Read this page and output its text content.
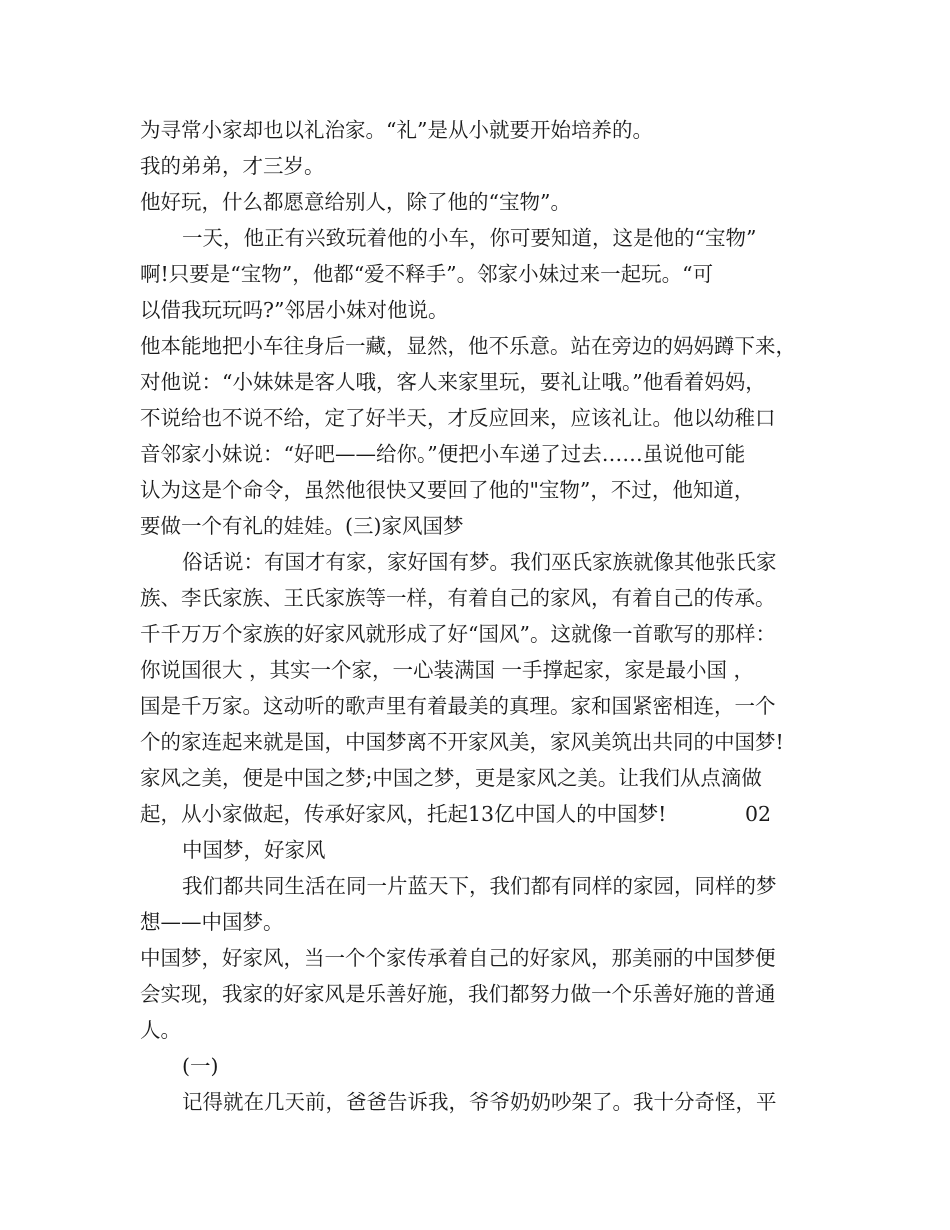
为寻常小家却也以礼治家。“礼”是从小就要开始培养的。
我的弟弟，才三岁。
他好玩，什么都愿意给别人，除了他的“宝物”。
一天，他正有兴致玩着他的小车，你可要知道，这是他的“宝物”
啊!只要是“宝物”，他都“爱不释手”。邻家小妹过来一起玩。“可
以借我玩玩吗?”邻居小妹对他说。
他本能地把小车往身后一藏，显然，他不乐意。站在旁边的妈妈蹲下来，
对他说：“小妹妹是客人哦，客人来家里玩，要礼让哦。”他看着妈妈，
不说给也不说不给，定了好半天，才反应回来，应该礼让。他以幼稚口
音邻家小妹说：“好吧——给你。”便把小车递了过去……虽说他可能
认为这是个命令，虽然他很快又要回了他的"宝物”，不过，他知道，
要做一个有礼的娃娃。(三)家风国梦
俗话说：有国才有家，家好国有梦。我们巫氏家族就像其他张氏家
族、李氏家族、王氏家族等一样，有着自己的家风，有着自己的传承。
千千万万个家族的好家风就形成了好“国风”。这就像一首歌写的那样：
你说国很大 ，其实一个家，一心装满国 一手撑起家，家是最小国 ，
国是千万家。这动听的歌声里有着最美的真理。家和国紧密相连，一个
个的家连起来就是国，中国梦离不开家风美，家风美筑出共同的中国梦!
家风之美，便是中国之梦;中国之梦，更是家风之美。让我们从点滴做
起，从小家做起，传承好家风，托起13亿中国人的中国梦!	02
中国梦，好家风
我们都共同生活在同一片蓝天下，我们都有同样的家园，同样的梦
想——中国梦。
中国梦，好家风，当一个个家传承着自己的好家风，那美丽的中国梦便
会实现，我家的好家风是乐善好施，我们都努力做一个乐善好施的普通
人。
(一)
记得就在几天前，爸爸告诉我，爷爷奶奶吵架了。我十分奇怪，平
